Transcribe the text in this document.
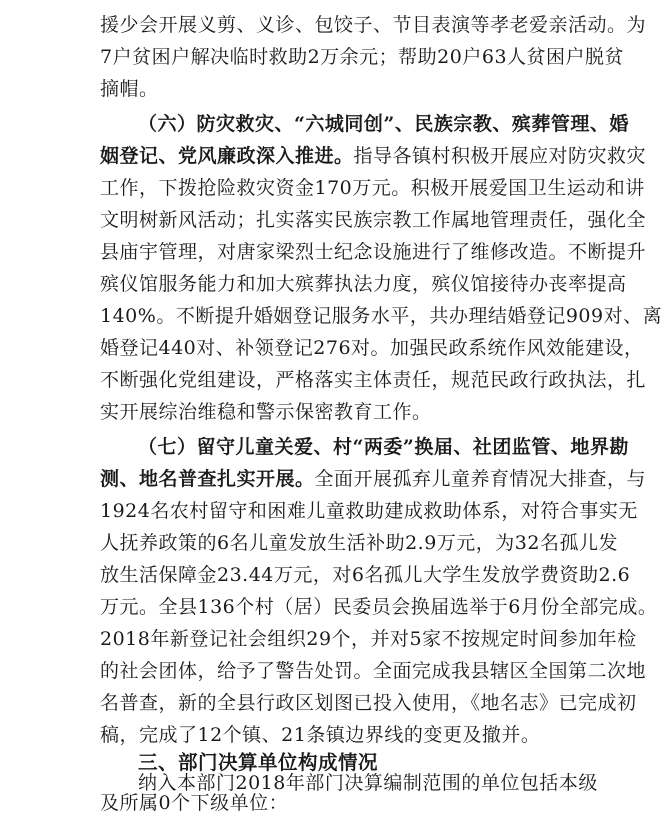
援少会开展义剪、义诊、包饺子、节目表演等孝老爱亲活动。为
7户贫困户解决临时救助2万余元；帮助20户63人贫困户脱贫
摘帽。
（六）防灾救灾、“六城同创”、民族宗教、殡葬管理、婚
姻登记、党风廉政深入推进。指导各镇村积极开展应对防灾救灾
工作，下拨抢险救灾资金170万元。积极开展爱国卫生运动和讲
文明树新风活动；扎实落实民族宗教工作属地管理责任，强化全
县庙宇管理，对唐家梁烈士纪念设施进行了维修改造。不断提升
殡仪馆服务能力和加大殡葬执法力度，殡仪馆接待办丧率提高
140%。不断提升婚姻登记服务水平，共办理结婚登记909对、离
婚登记440对、补领登记276对。加强民政系统作风效能建设，
不断强化党组建设，严格落实主体责任，规范民政行政执法，扎
实开展综治维稳和警示保密教育工作。
（七）留守儿童关爱、村“两委”换届、社团监管、地界勘
测、地名普查扎实开展。全面开展孤弃儿童养育情况大排查，与
1924名农村留守和困难儿童救助建成救助体系，对符合事实无
人抚养政策的6名儿童发放生活补助2.9万元，为32名孤儿发
放生活保障金23.44万元，对6名孤儿大学生发放学费资助2.6
万元。全县136个村（居）民委员会换届选举于6月份全部完成。
2018年新登记社会组织29个，并对5家不按规定时间参加年检
的社会团体，给予了警告处罚。全面完成我县辖区全国第二次地
名普查，新的全县行政区划图已投入使用，《地名志》已完成初
稿，完成了12个镇、21条镇边界线的变更及撤并。
三、部门决算单位构成情况
纳入本部门2018年部门决算编制范围的单位包括本级
及所属0个下级单位：
